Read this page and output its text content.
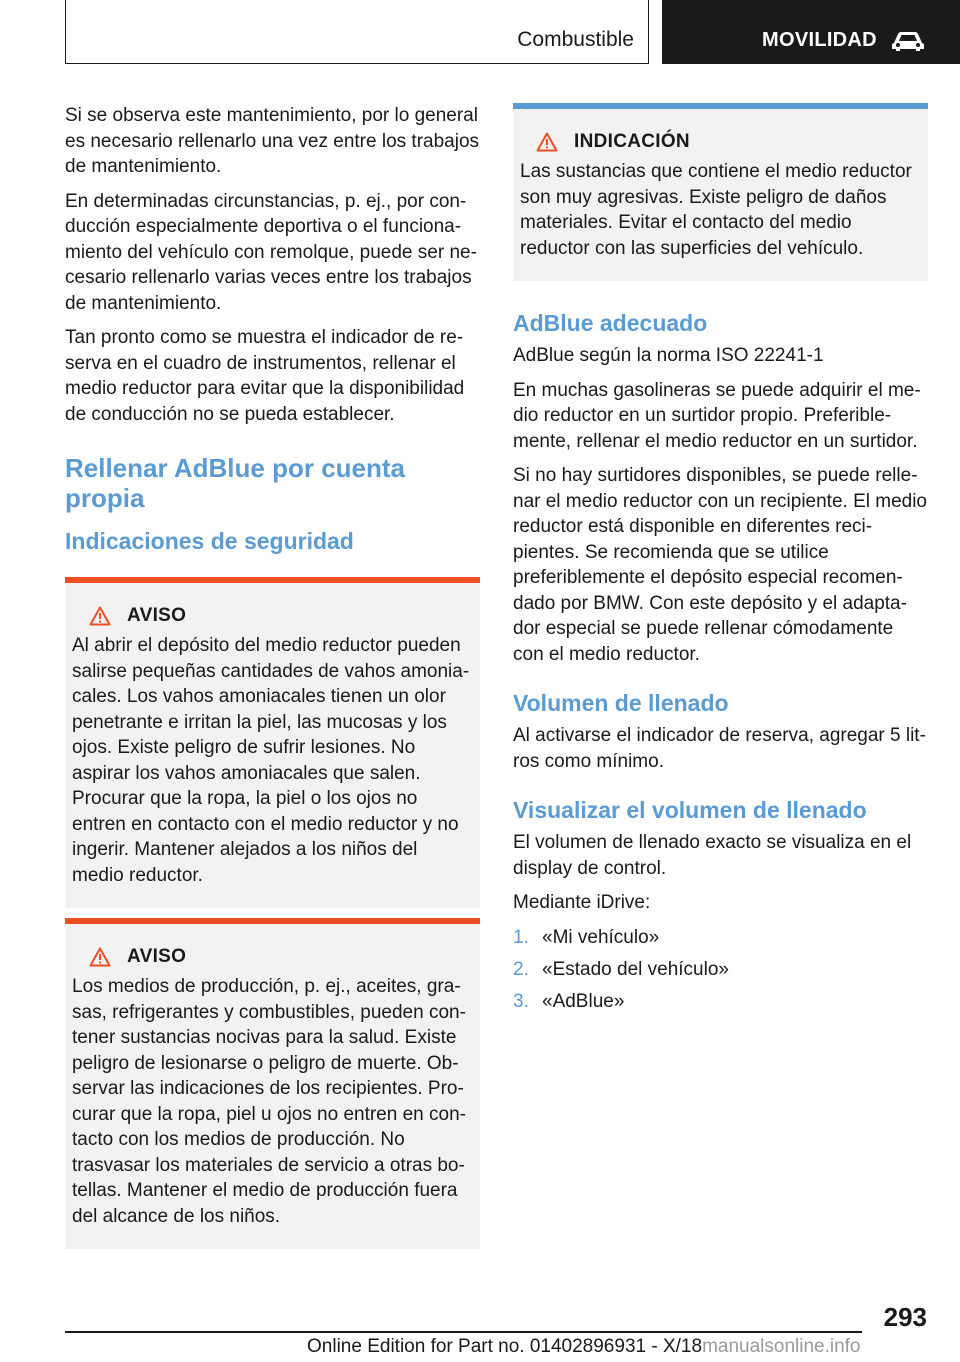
Combustible	MOVILIDAD

Si se observa este mantenimiento, por lo general es necesario rellenarlo una vez entre los trabajos de mantenimiento.

En determinadas circunstancias, p. ej., por conducción especialmente deportiva o el funcionamiento del vehículo con remolque, puede ser necesario rellenarlo varias veces entre los trabajos de mantenimiento.

Tan pronto como se muestra el indicador de reserva en el cuadro de instrumentos, rellenar el medio reductor para evitar que la disponibilidad de conducción no se pueda establecer.

Rellenar AdBlue por cuenta propia
Indicaciones de seguridad
AVISO

Al abrir el depósito del medio reductor pueden salirse pequeñas cantidades de vahos amoniacales. Los vahos amoniacales tienen un olor penetrante e irritan la piel, las mucosas y los ojos. Existe peligro de sufrir lesiones. No aspirar los vahos amoniacales que salen. Procurar que la ropa, la piel o los ojos no entren en contacto con el medio reductor y no ingerir. Mantener alejados a los niños del medio reductor.

AVISO

Los medios de producción, p. ej., aceites, grasas, refrigerantes y combustibles, pueden contener sustancias nocivas para la salud. Existe peligro de lesionarse o peligro de muerte. Observar las indicaciones de los recipientes. Procurar que la ropa, piel u ojos no entren en contacto con los medios de producción. No trasvasar los materiales de servicio a otras botellas. Mantener el medio de producción fuera del alcance de los niños.

INDICACIÓN

Las sustancias que contiene el medio reductor son muy agresivas. Existe peligro de daños materiales. Evitar el contacto del medio reductor con las superficies del vehículo.

AdBlue adecuado

AdBlue según la norma ISO 22241-1

En muchas gasolineras se puede adquirir el medio reductor en un surtidor propio. Preferiblemente, rellenar el medio reductor en un surtidor.

Si no hay surtidores disponibles, se puede rellenar el medio reductor con un recipiente. El medio reductor está disponible en diferentes recipientes. Se recomienda que se utilice preferiblemente el depósito especial recomendado por BMW. Con este depósito y el adaptador especial se puede rellenar cómodamente con el medio reductor.

Volumen de llenado

Al activarse el indicador de reserva, agregar 5 litros como mínimo.

Visualizar el volumen de llenado

El volumen de llenado exacto se visualiza en el display de control.

Mediante iDrive:

1. «Mi vehículo»
2. «Estado del vehículo»
3. «AdBlue»
293
Online Edition for Part no. 01402896931 - X/18manualsonline.info
